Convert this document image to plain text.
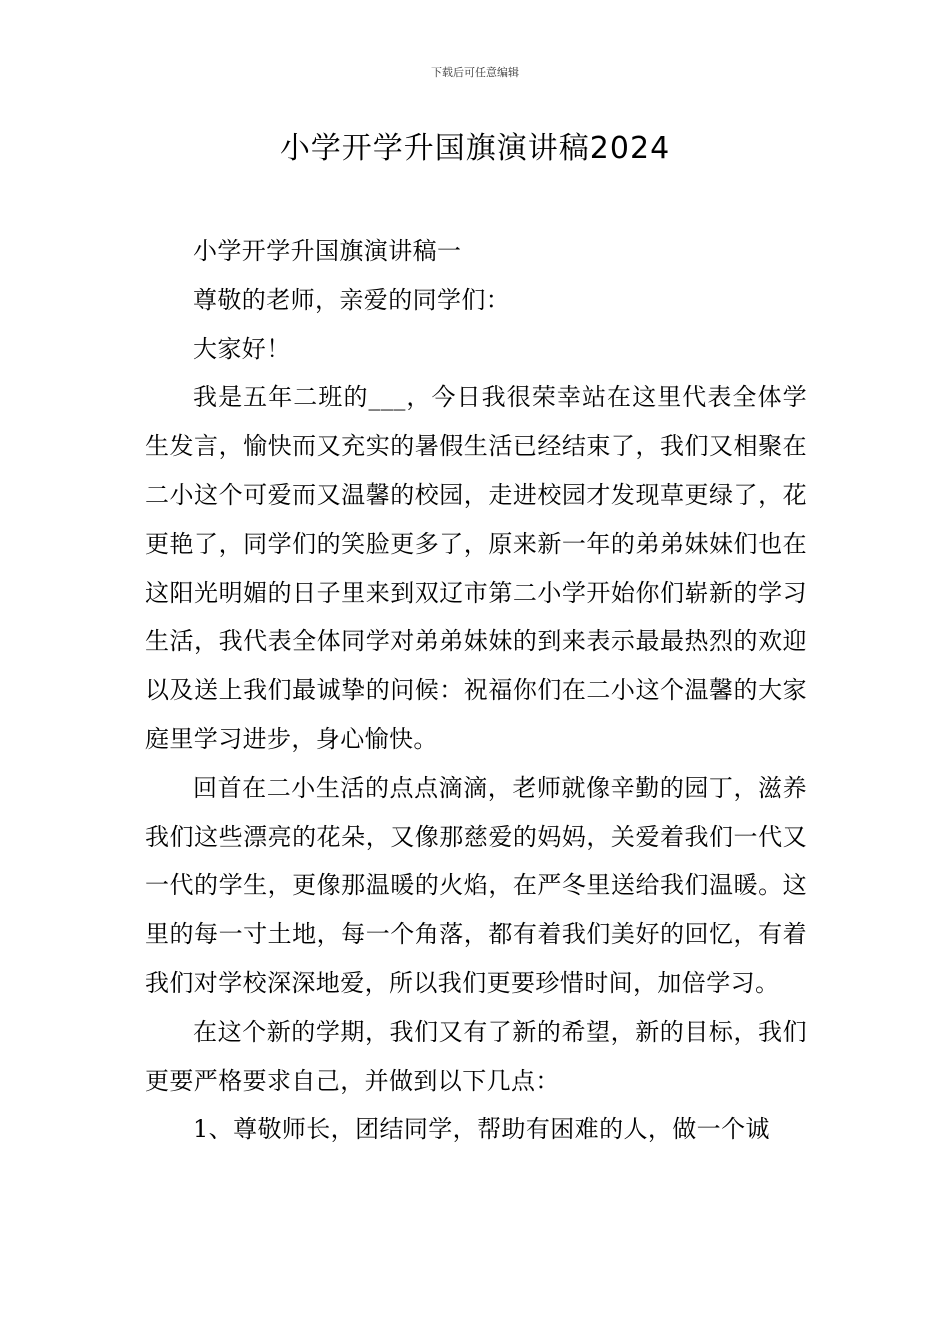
下载后可任意编辑
小学开学升国旗演讲稿2024

小学开学升国旗演讲稿一

尊敬的老师，亲爱的同学们：

大家好！

我是五年二班的___，今日我很荣幸站在这里代表全体学生发言，愉快而又充实的暑假生活已经结束了，我们又相聚在二小这个可爱而又温馨的校园，走进校园才发现草更绿了，花更艳了，同学们的笑脸更多了，原来新一年的弟弟妹妹们也在这阳光明媚的日子里来到双辽市第二小学开始你们崭新的学习生活，我代表全体同学对弟弟妹妹的到来表示最最热烈的欢迎以及送上我们最诚挚的问候：祝福你们在二小这个温馨的大家庭里学习进步，身心愉快。

回首在二小生活的点点滴滴，老师就像辛勤的园丁，滋养我们这些漂亮的花朵，又像那慈爱的妈妈，关爱着我们一代又一代的学生，更像那温暖的火焰，在严冬里送给我们温暖。这里的每一寸土地，每一个角落，都有着我们美好的回忆，有着我们对学校深深地爱，所以我们更要珍惜时间，加倍学习。

在这个新的学期，我们又有了新的希望，新的目标，我们更要严格要求自己，并做到以下几点：

1、尊敬师长，团结同学，帮助有困难的人，做一个诚
